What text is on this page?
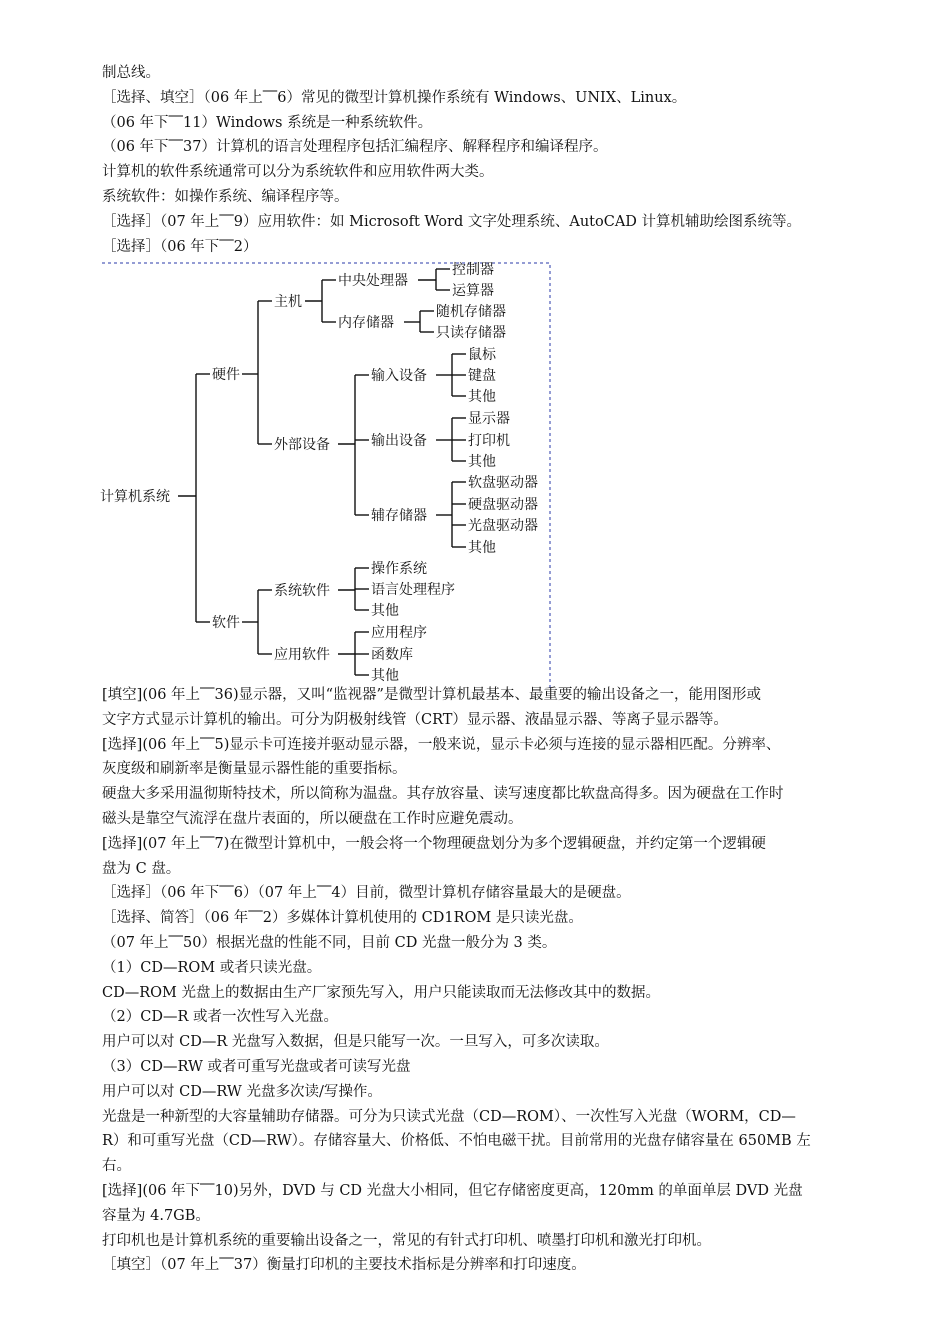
制总线。
［选择、填空］（06 年上⎺6）常见的微型计算机操作系统有 Windows、UNIX、Linux。
（06 年下⎺11）Windows 系统是一种系统软件。
（06 年下⎺37）计算机的语言处理程序包括汇编程序、解释程序和编译程序。
计算机的软件系统通常可以分为系统软件和应用软件两大类。
系统软件：如操作系统、编译程序等。
［选择］（07 年上⎺9）应用软件：如 Microsoft Word 文字处理系统、AutoCAD 计算机辅助绘图系统等。
［选择］（06 年下⎺2）
计算机系统
硬件
主机
中央处理器
控制器
运算器
内存储器
随机存储器
只读存储器
外部设备
输入设备
鼠标
键盘
其他
输出设备
显示器
打印机
其他
辅存储器
软盘驱动器
硬盘驱动器
光盘驱动器
其他
软件
系统软件
操作系统
语言处理程序
其他
应用软件
应用程序
函数库
其他
[填空](06 年上⎺36)显示器，又叫“监视器”是微型计算机最基本、最重要的输出设备之一，能用图形或
文字方式显示计算机的输出。可分为阴极射线管（CRT）显示器、液晶显示器、等离子显示器等。
[选择](06 年上⎺5)显示卡可连接并驱动显示器，一般来说，显示卡必须与连接的显示器相匹配。分辨率、
灰度级和刷新率是衡量显示器性能的重要指标。
硬盘大多采用温彻斯特技术，所以简称为温盘。其存放容量、读写速度都比软盘高得多。因为硬盘在工作时
磁头是靠空气流浮在盘片表面的，所以硬盘在工作时应避免震动。
[选择](07 年上⎺7)在微型计算机中，一般会将一个物理硬盘划分为多个逻辑硬盘，并约定第一个逻辑硬
盘为 C 盘。
［选择］（06 年下⎺6）（07 年上⎺4）目前，微型计算机存储容量最大的是硬盘。
［选择、简答］（06 年⎺2）多媒体计算机使用的 CD1ROM 是只读光盘。
（07 年上⎺50）根据光盘的性能不同，目前 CD 光盘一般分为 3 类。
（1）CD—ROM 或者只读光盘。
CD—ROM 光盘上的数据由生产厂家预先写入，用户只能读取而无法修改其中的数据。
（2）CD—R 或者一次性写入光盘。
用户可以对 CD—R 光盘写入数据，但是只能写一次。一旦写入，可多次读取。
（3）CD—RW 或者可重写光盘或者可读写光盘
用户可以对 CD—RW 光盘多次读/写操作。
光盘是一种新型的大容量辅助存储器。可分为只读式光盘（CD—ROM）、一次性写入光盘（WORM，CD—
R）和可重写光盘（CD—RW）。存储容量大、价格低、不怕电磁干扰。目前常用的光盘存储容量在 650MB 左
右。
[选择](06 年下⎺10)另外，DVD 与 CD 光盘大小相同，但它存储密度更高，120mm 的单面单层 DVD 光盘
容量为 4.7GB。
打印机也是计算机系统的重要输出设备之一，常见的有针式打印机、喷墨打印机和激光打印机。
［填空］（07 年上⎺37）衡量打印机的主要技术指标是分辨率和打印速度。
